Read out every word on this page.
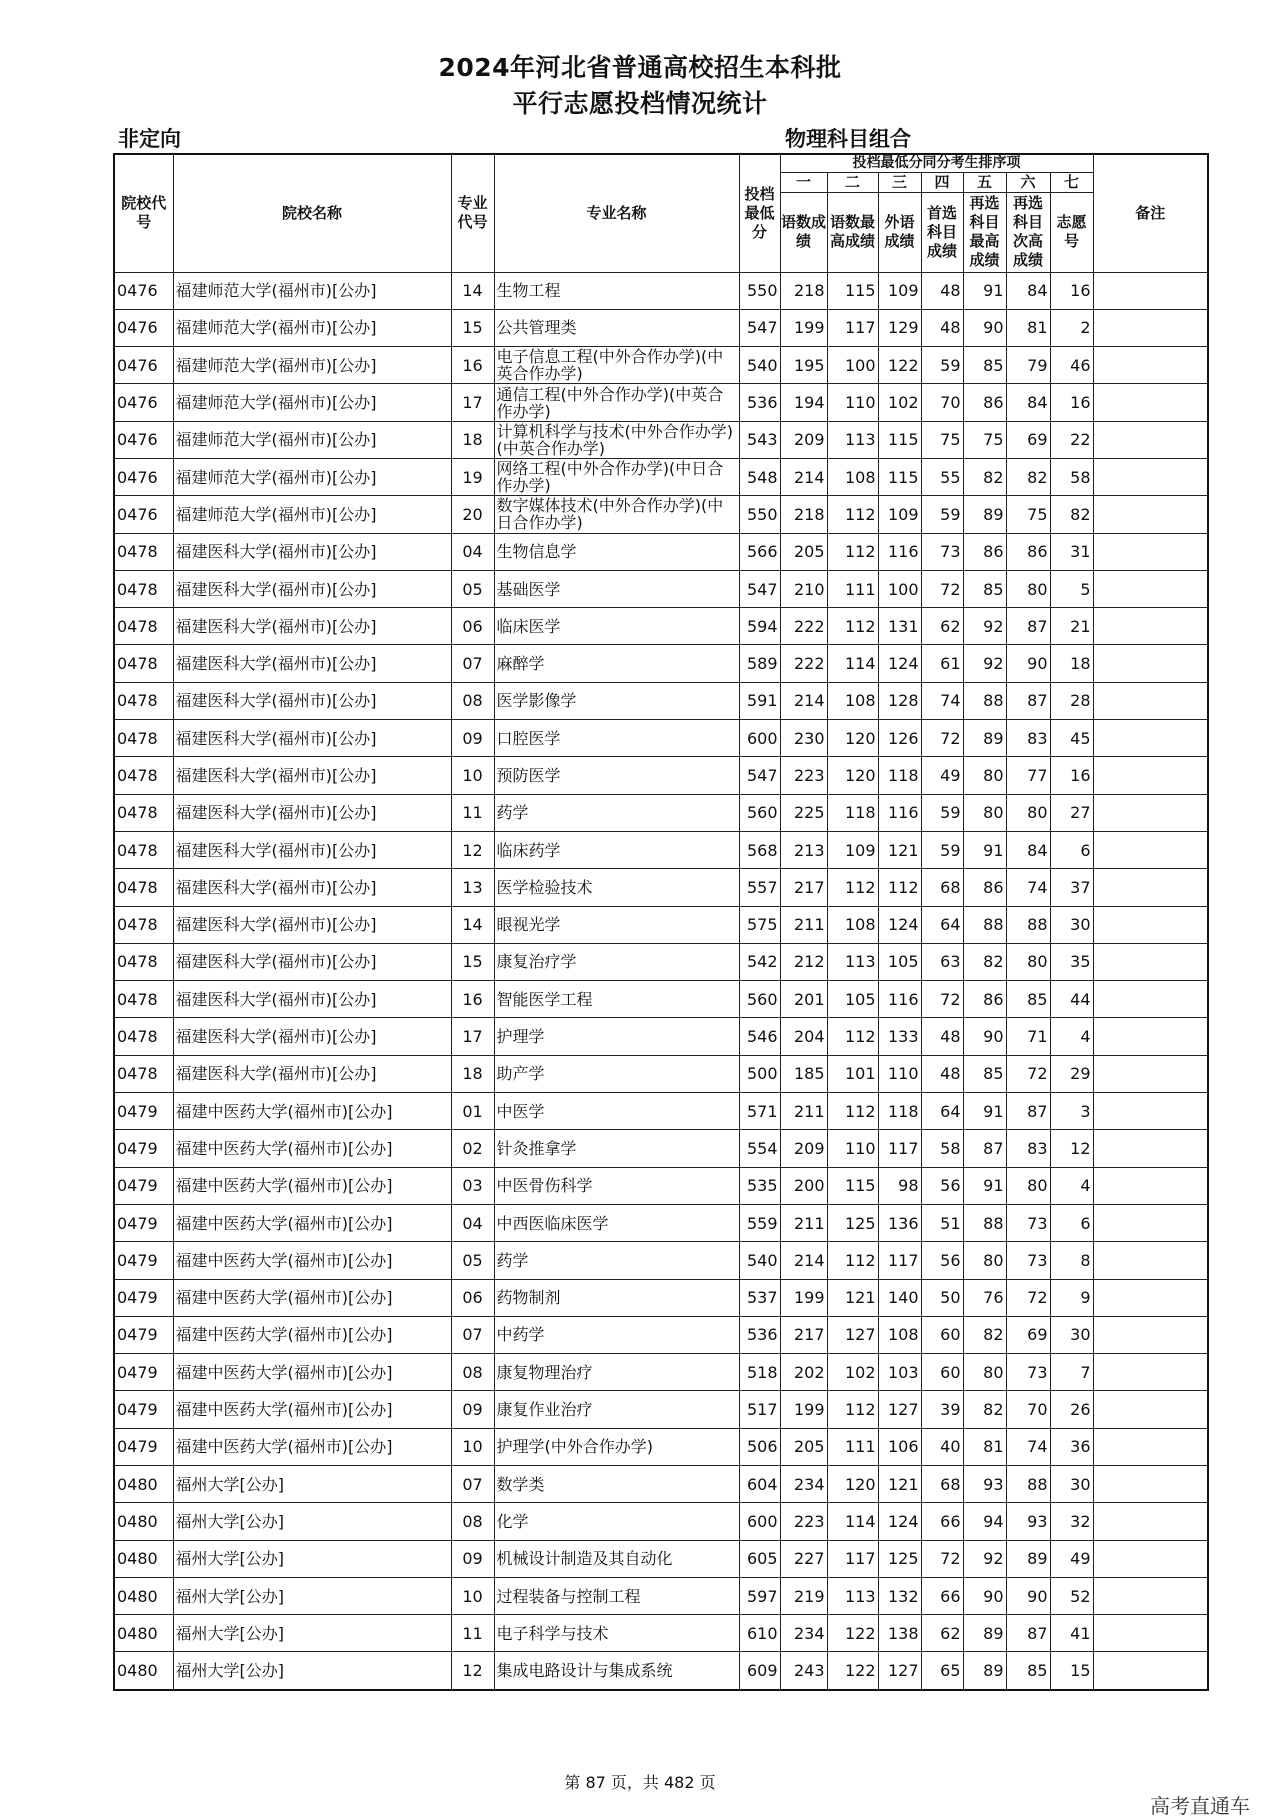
2024年河北省普通高校招生本科批
平行志愿投档情况统计
非定向	物理科目组合
院校代号	院校名称	专业代号	专业名称	投档最低分	投档最低分同分考生排序项							备注
					一	二	三	四	五	六	七	
					语数成绩	语数最高成绩	外语成绩	首选科目成绩	再选科目最高成绩	再选科目次高成绩	志愿号	
0476	福建师范大学(福州市)[公办]	14	生物工程	550	218	115	109	48	91	84	16	
0476	福建师范大学(福州市)[公办]	15	公共管理类	547	199	117	129	48	90	81	2	
0476	福建师范大学(福州市)[公办]	16	电子信息工程(中外合作办学)(中英合作办学)	540	195	100	122	59	85	79	46	
0476	福建师范大学(福州市)[公办]	17	通信工程(中外合作办学)(中英合作办学)	536	194	110	102	70	86	84	16	
0476	福建师范大学(福州市)[公办]	18	计算机科学与技术(中外合作办学)(中英合作办学)	543	209	113	115	75	75	69	22	
0476	福建师范大学(福州市)[公办]	19	网络工程(中外合作办学)(中日合作办学)	548	214	108	115	55	82	82	58	
0476	福建师范大学(福州市)[公办]	20	数字媒体技术(中外合作办学)(中日合作办学)	550	218	112	109	59	89	75	82	
0478	福建医科大学(福州市)[公办]	04	生物信息学	566	205	112	116	73	86	86	31	
0478	福建医科大学(福州市)[公办]	05	基础医学	547	210	111	100	72	85	80	5	
0478	福建医科大学(福州市)[公办]	06	临床医学	594	222	112	131	62	92	87	21	
0478	福建医科大学(福州市)[公办]	07	麻醉学	589	222	114	124	61	92	90	18	
0478	福建医科大学(福州市)[公办]	08	医学影像学	591	214	108	128	74	88	87	28	
0478	福建医科大学(福州市)[公办]	09	口腔医学	600	230	120	126	72	89	83	45	
0478	福建医科大学(福州市)[公办]	10	预防医学	547	223	120	118	49	80	77	16	
0478	福建医科大学(福州市)[公办]	11	药学	560	225	118	116	59	80	80	27	
0478	福建医科大学(福州市)[公办]	12	临床药学	568	213	109	121	59	91	84	6	
0478	福建医科大学(福州市)[公办]	13	医学检验技术	557	217	112	112	68	86	74	37	
0478	福建医科大学(福州市)[公办]	14	眼视光学	575	211	108	124	64	88	88	30	
0478	福建医科大学(福州市)[公办]	15	康复治疗学	542	212	113	105	63	82	80	35	
0478	福建医科大学(福州市)[公办]	16	智能医学工程	560	201	105	116	72	86	85	44	
0478	福建医科大学(福州市)[公办]	17	护理学	546	204	112	133	48	90	71	4	
0478	福建医科大学(福州市)[公办]	18	助产学	500	185	101	110	48	85	72	29	
0479	福建中医药大学(福州市)[公办]	01	中医学	571	211	112	118	64	91	87	3	
0479	福建中医药大学(福州市)[公办]	02	针灸推拿学	554	209	110	117	58	87	83	12	
0479	福建中医药大学(福州市)[公办]	03	中医骨伤科学	535	200	115	98	56	91	80	4	
0479	福建中医药大学(福州市)[公办]	04	中西医临床医学	559	211	125	136	51	88	73	6	
0479	福建中医药大学(福州市)[公办]	05	药学	540	214	112	117	56	80	73	8	
0479	福建中医药大学(福州市)[公办]	06	药物制剂	537	199	121	140	50	76	72	9	
0479	福建中医药大学(福州市)[公办]	07	中药学	536	217	127	108	60	82	69	30	
0479	福建中医药大学(福州市)[公办]	08	康复物理治疗	518	202	102	103	60	80	73	7	
0479	福建中医药大学(福州市)[公办]	09	康复作业治疗	517	199	112	127	39	82	70	26	
0479	福建中医药大学(福州市)[公办]	10	护理学(中外合作办学)	506	205	111	106	40	81	74	36	
0480	福州大学[公办]	07	数学类	604	234	120	121	68	93	88	30	
0480	福州大学[公办]	08	化学	600	223	114	124	66	94	93	32	
0480	福州大学[公办]	09	机械设计制造及其自动化	605	227	117	125	72	92	89	49	
0480	福州大学[公办]	10	过程装备与控制工程	597	219	113	132	66	90	90	52	
0480	福州大学[公办]	11	电子科学与技术	610	234	122	138	62	89	87	41	
0480	福州大学[公办]	12	集成电路设计与集成系统	609	243	122	127	65	89	85	15	
第 87 页，共 482 页
高考直通车
